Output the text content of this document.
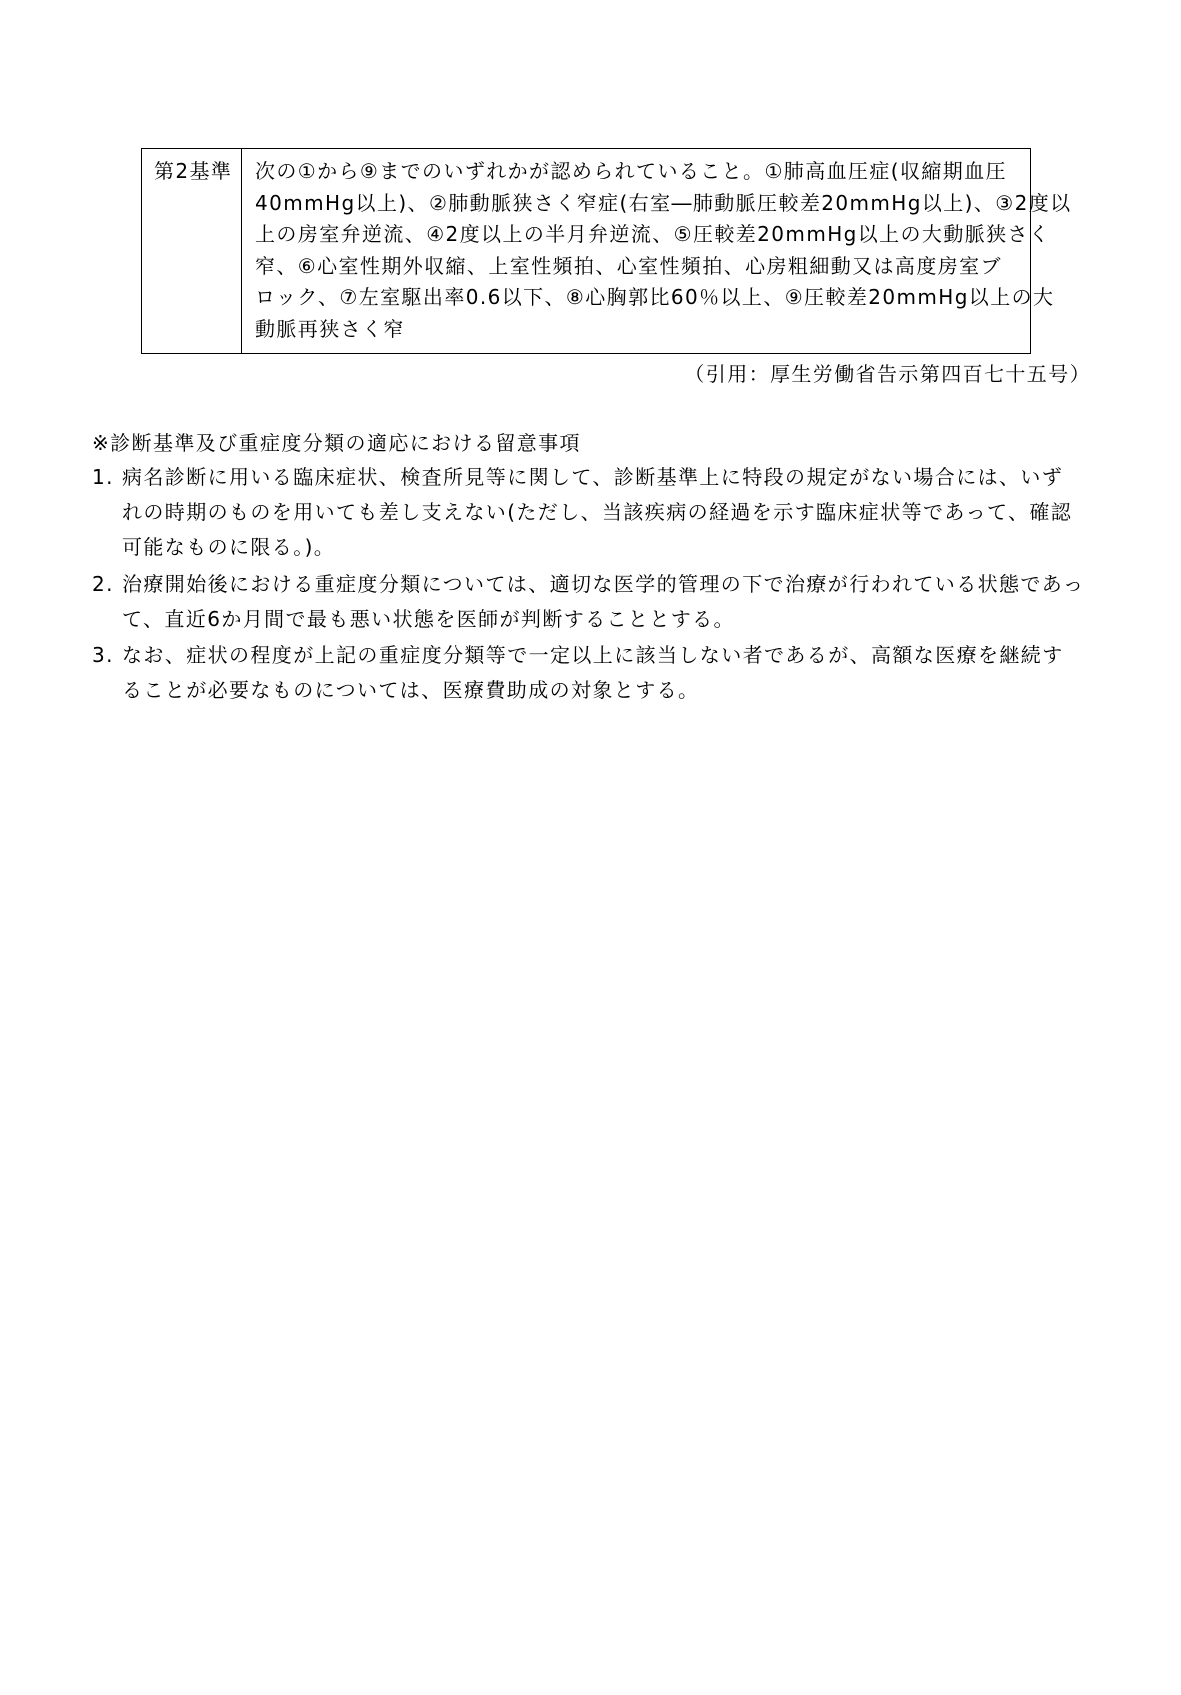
第2基準 次の①から⑨までのいずれかが認められていること。①肺高血圧症(収縮期血圧
40mmHg以上)、②肺動脈狭さく窄症(右室―肺動脈圧較差20mmHg以上)、③2度以
上の房室弁逆流、④2度以上の半月弁逆流、⑤圧較差20mmHg以上の大動脈狭さく
窄、⑥心室性期外収縮、上室性頻拍、心室性頻拍、心房粗細動又は高度房室ブ
ロック、⑦左室駆出率0.6以下、⑧心胸郭比60％以上、⑨圧較差20mmHg以上の大
動脈再狭さく窄
（引用：厚生労働省告示第四百七十五号）
※診断基準及び重症度分類の適応における留意事項
1. 病名診断に用いる臨床症状、検査所見等に関して、診断基準上に特段の規定がない場合には、いず
れの時期のものを用いても差し支えない(ただし、当該疾病の経過を示す臨床症状等であって、確認
可能なものに限る。)。
2. 治療開始後における重症度分類については、適切な医学的管理の下で治療が行われている状態であっ
て、直近6か月間で最も悪い状態を医師が判断することとする。
3. なお、症状の程度が上記の重症度分類等で一定以上に該当しない者であるが、高額な医療を継続す
ることが必要なものについては、医療費助成の対象とする。
